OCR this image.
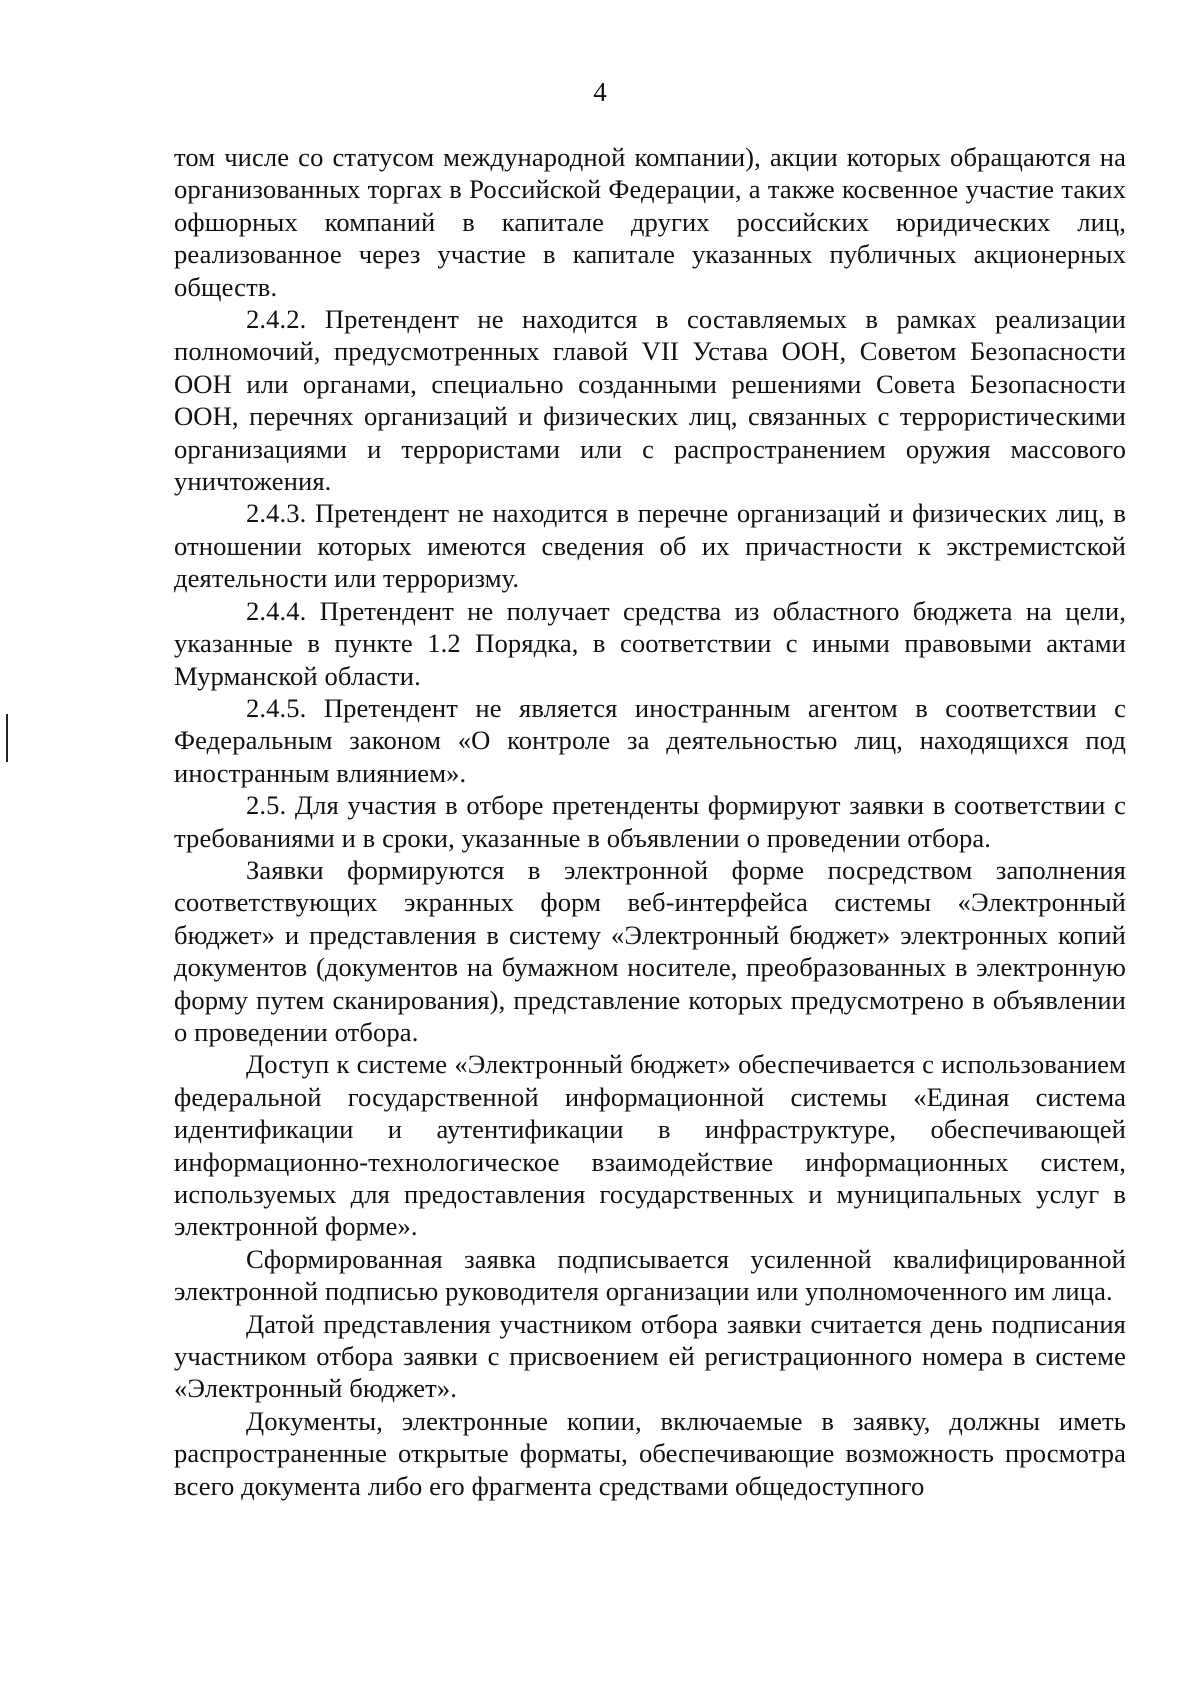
4

том числе со статусом международной компании), акции которых обращаются на организованных торгах в Российской Федерации, а также косвенное участие таких офшорных компаний в капитале других российских юридических лиц, реализованное через участие в капитале указанных публичных акционерных обществ.

2.4.2. Претендент не находится в составляемых в рамках реализации полномочий, предусмотренных главой VII Устава ООН, Советом Безопасности ООН или органами, специально созданными решениями Совета Безопасности ООН, перечнях организаций и физических лиц, связанных с террористическими организациями и террористами или с распространением оружия массового уничтожения.

2.4.3. Претендент не находится в перечне организаций и физических лиц, в отношении которых имеются сведения об их причастности к экстремистской деятельности или терроризму.

2.4.4. Претендент не получает средства из областного бюджета на цели, указанные в пункте 1.2 Порядка, в соответствии с иными правовыми актами Мурманской области.

2.4.5. Претендент не является иностранным агентом в соответствии с Федеральным законом «О контроле за деятельностью лиц, находящихся под иностранным влиянием».

2.5. Для участия в отборе претенденты формируют заявки в соответствии с требованиями и в сроки, указанные в объявлении о проведении отбора.

Заявки формируются в электронной форме посредством заполнения соответствующих экранных форм веб-интерфейса системы «Электронный бюджет» и представления в систему «Электронный бюджет» электронных копий документов (документов на бумажном носителе, преобразованных в электронную форму путем сканирования), представление которых предусмотрено в объявлении о проведении отбора.

Доступ к системе «Электронный бюджет» обеспечивается с использованием федеральной государственной информационной системы «Единая система идентификации и аутентификации в инфраструктуре, обеспечивающей информационно-технологическое взаимодействие информационных систем, используемых для предоставления государственных и муниципальных услуг в электронной форме».

Сформированная заявка подписывается усиленной квалифицированной электронной подписью руководителя организации или уполномоченного им лица.

Датой представления участником отбора заявки считается день подписания участником отбора заявки с присвоением ей регистрационного номера в системе «Электронный бюджет».

Документы, электронные копии, включаемые в заявку, должны иметь распространенные открытые форматы, обеспечивающие возможность просмотра всего документа либо его фрагмента средствами общедоступного
